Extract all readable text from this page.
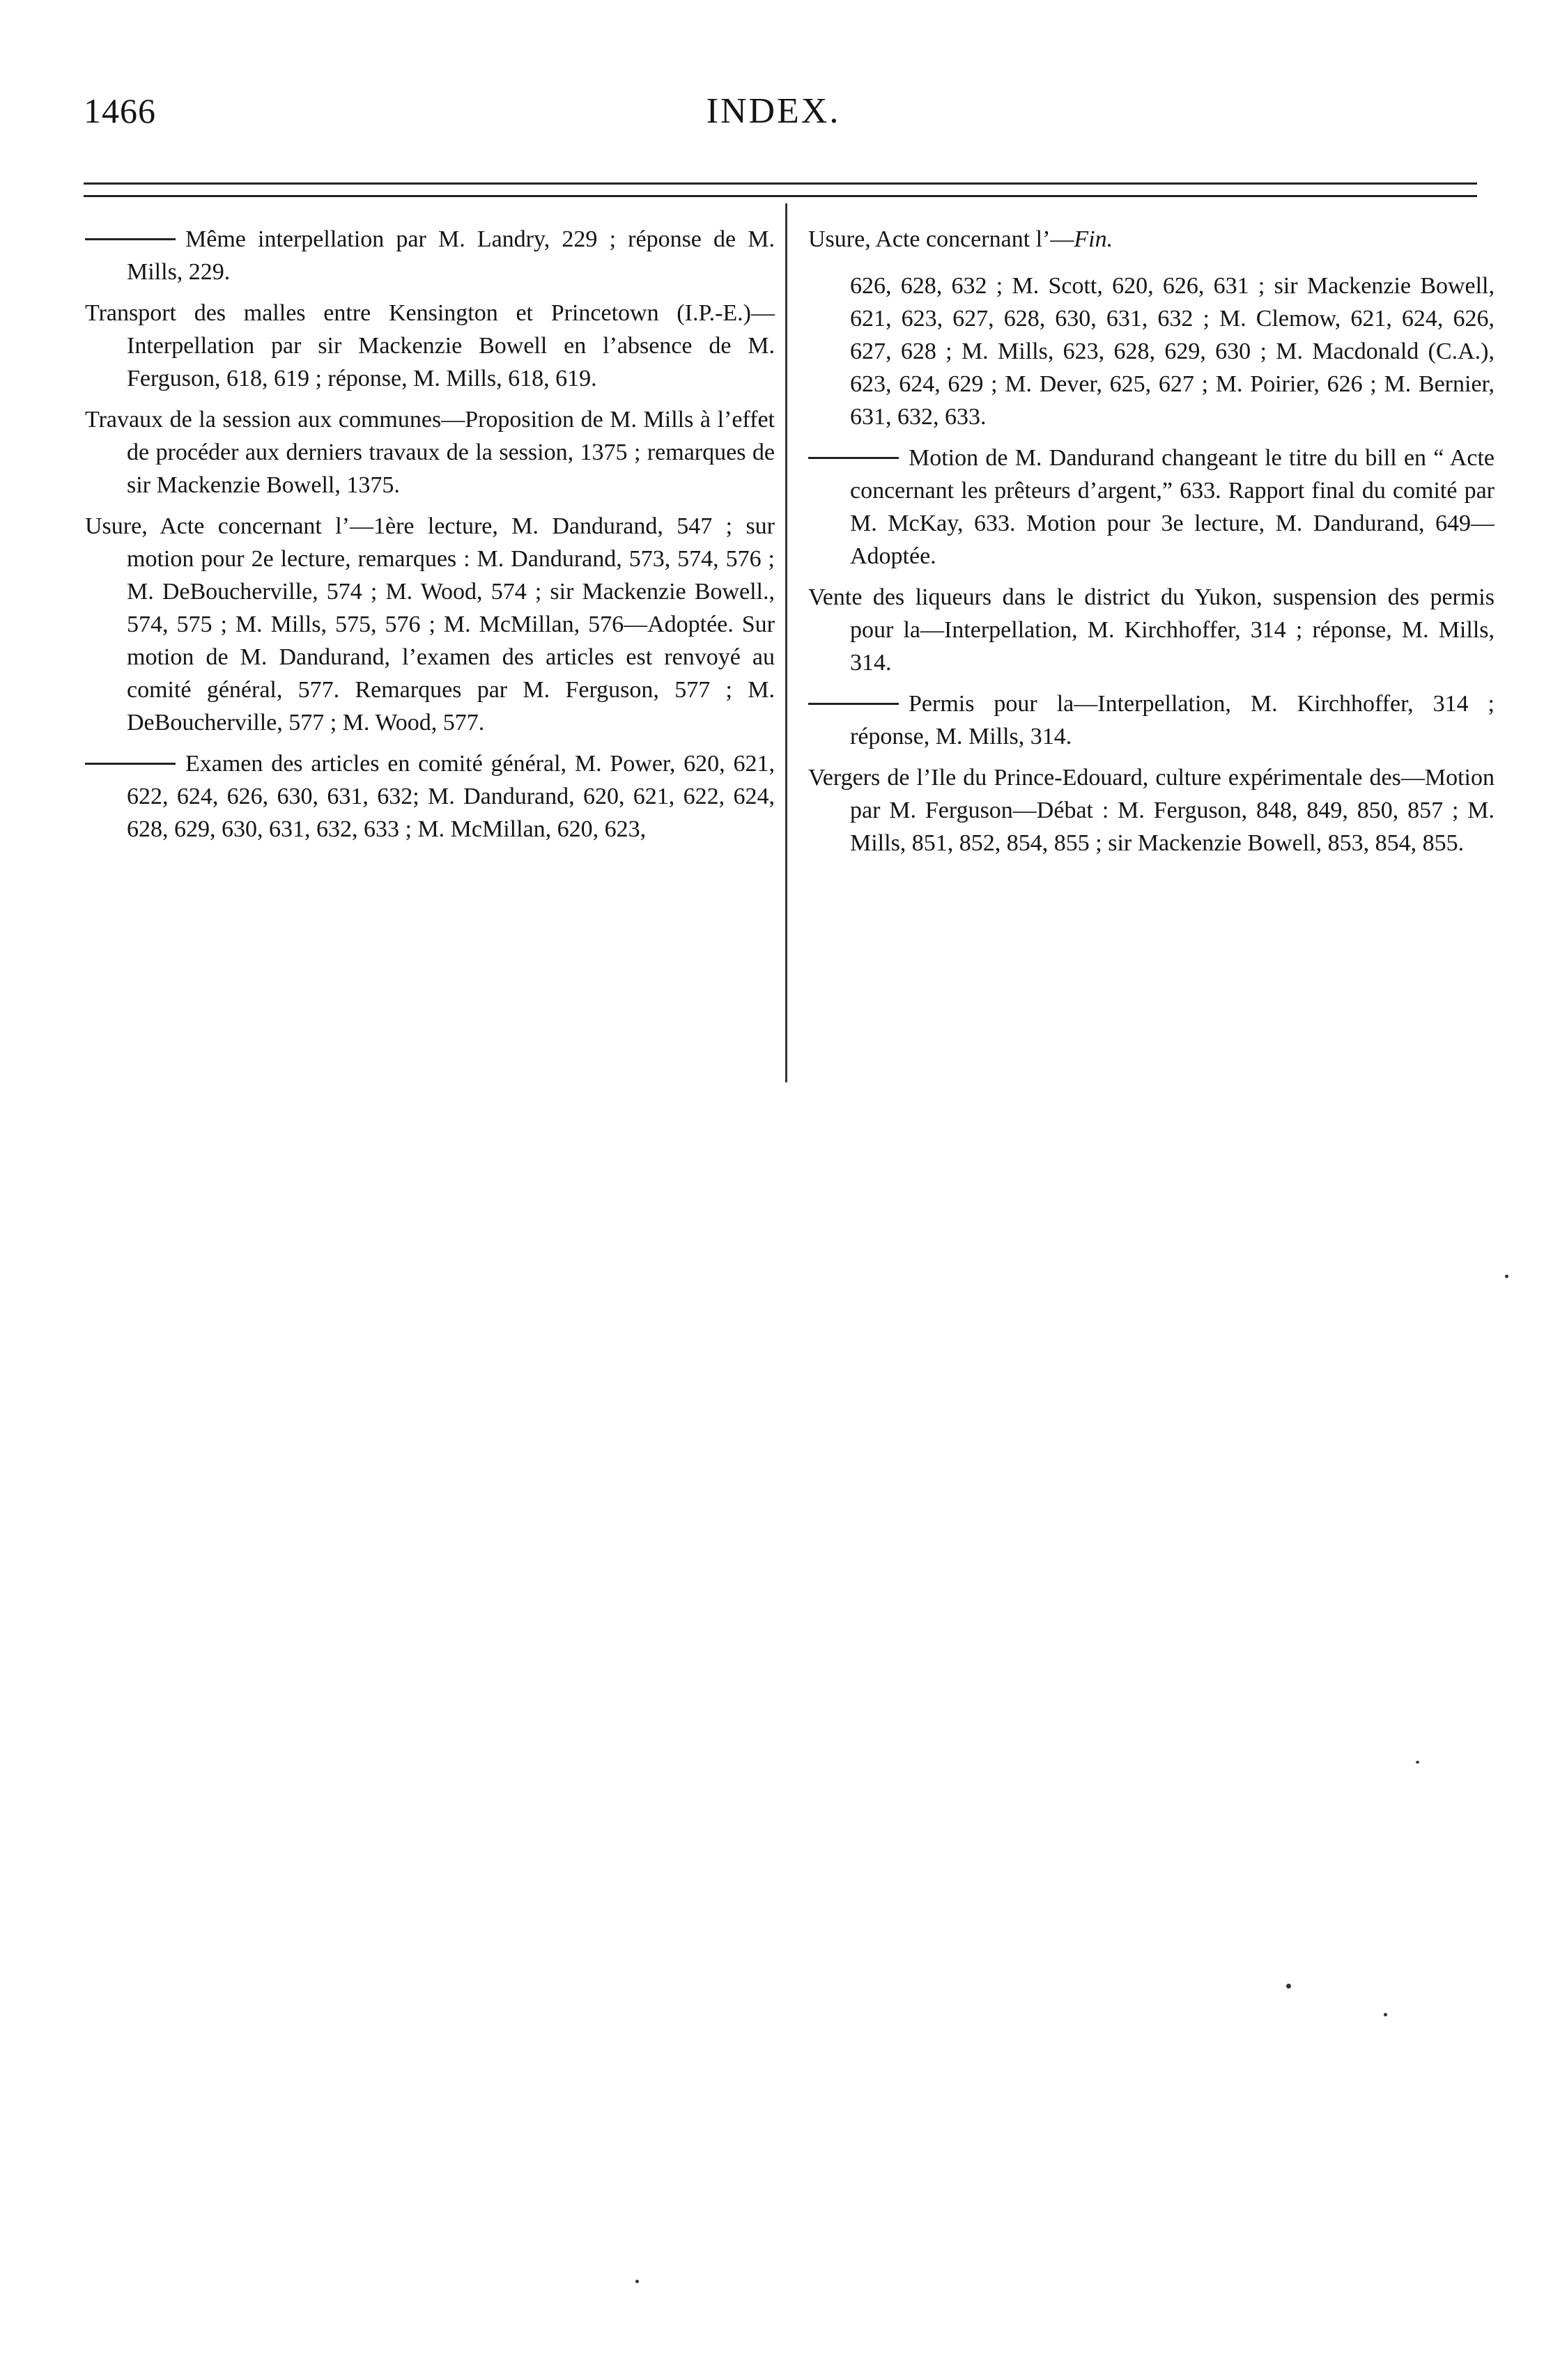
1466	INDEX.

Même interpellation par M. Landry, 229 ; réponse de M. Mills, 229.

Transport des malles entre Kensington et Princetown (I.P.-E.)—Interpellation par sir Mackenzie Bowell en l’absence de M. Ferguson, 618, 619 ; réponse, M. Mills, 618, 619.

Travaux de la session aux communes—Proposition de M. Mills à l’effet de procéder aux derniers travaux de la session, 1375 ; remarques de sir Mackenzie Bowell, 1375.

Usure, Acte concernant l’—1ère lecture, M. Dandurand, 547 ; sur motion pour 2e lecture, remarques : M. Dandurand, 573, 574, 576 ; M. DeBoucherville, 574 ; M. Wood, 574 ; sir Mackenzie Bowell., 574, 575 ; M. Mills, 575, 576 ; M. McMillan, 576—Adoptée. Sur motion de M. Dandurand, l’examen des articles est renvoyé au comité général, 577. Remarques par M. Ferguson, 577 ; M. DeBoucherville, 577 ; M. Wood, 577.

Examen des articles en comité général, M. Power, 620, 621, 622, 624, 626, 630, 631, 632; M. Dandurand, 620, 621, 622, 624, 628, 629, 630, 631, 632, 633 ; M. McMillan, 620, 623,

Usure, Acte concernant l’—Fin.

626, 628, 632 ; M. Scott, 620, 626, 631 ; sir Mackenzie Bowell, 621, 623, 627, 628, 630, 631, 632 ; M. Clemow, 621, 624, 626, 627, 628 ; M. Mills, 623, 628, 629, 630 ; M. Macdonald (C.A.), 623, 624, 629 ; M. Dever, 625, 627 ; M. Poirier, 626 ; M. Bernier, 631, 632, 633.

Motion de M. Dandurand changeant le titre du bill en “ Acte concernant les prêteurs d’argent,” 633. Rapport final du comité par M. McKay, 633. Motion pour 3e lecture, M. Dandurand, 649—Adoptée.

Vente des liqueurs dans le district du Yukon, suspension des permis pour la—Interpellation, M. Kirchhoffer, 314 ; réponse, M. Mills, 314.

Permis pour la—Interpellation, M. Kirchhoffer, 314 ; réponse, M. Mills, 314.

Vergers de l’Ile du Prince-Edouard, culture expérimentale des—Motion par M. Ferguson—Débat : M. Ferguson, 848, 849, 850, 857 ; M. Mills, 851, 852, 854, 855 ; sir Mackenzie Bowell, 853, 854, 855.
